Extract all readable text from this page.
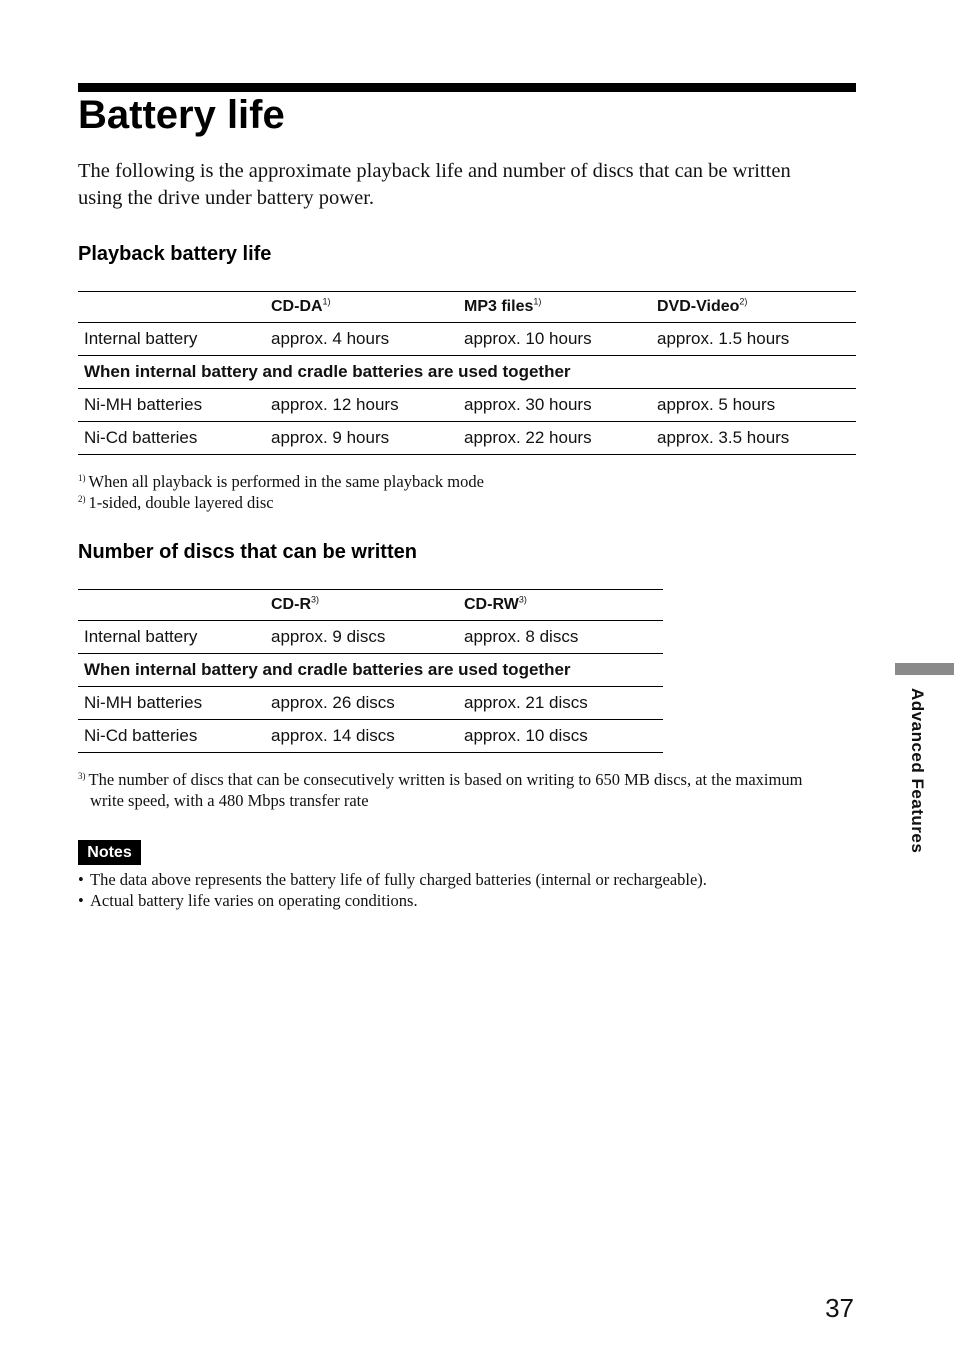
Battery life

The following is the approximate playback life and number of discs that can be written using the drive under battery power.

Playback battery life
	CD-DA$^{1)}$	MP3 files$^{1)}$	DVD-Video$^{2)}$
Internal battery	approx. 4 hours	approx. 10 hours	approx. 1.5 hours
When internal battery and cradle batteries are used together			
Ni-MH batteries	approx. 12 hours	approx. 30 hours	approx. 5 hours
Ni-Cd batteries	approx. 9 hours	approx. 22 hours	approx. 3.5 hours

$^{1)}$ When all playback is performed in the same playback mode

$^{2)}$ 1-sided, double layered disc

Number of discs that can be written
	CD-R$^{3)}$	CD-RW$^{3)}$
Internal battery	approx. 9 discs	approx. 8 discs
When internal battery and cradle batteries are used together		
Ni-MH batteries	approx. 26 discs	approx. 21 discs
Ni-Cd batteries	approx. 14 discs	approx. 10 discs

$^{3)}$ The number of discs that can be consecutively written is based on writing to 650 MB discs, at the maximum write speed, with a 480 Mbps transfer rate

Notes
• The data above represents the battery life of fully charged batteries (internal or rechargeable).
• Actual battery life varies on operating conditions.
Advanced Features
37
